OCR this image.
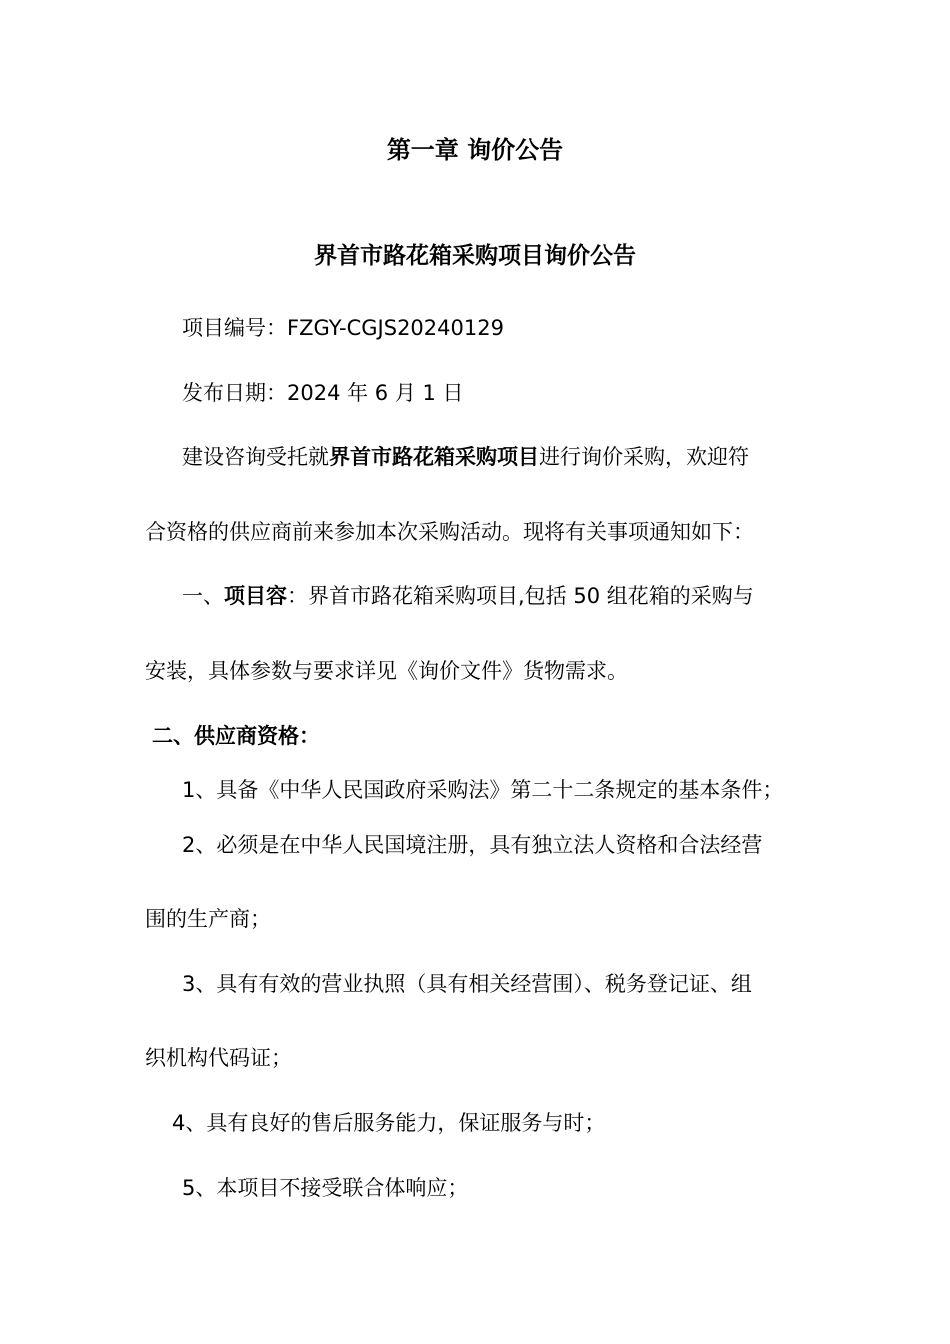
第一章 询价公告
界首市路花箱采购项目询价公告
项目编号：FZGY-CGJS20240129
发布日期：2024 年 6 月 1 日
建设咨询受托就界首市路花箱采购项目进行询价采购，欢迎符
合资格的供应商前来参加本次采购活动。现将有关事项通知如下：
一、项目容：界首市路花箱采购项目,包括 50 组花箱的采购与
安装，具体参数与要求详见《询价文件》货物需求。
二、供应商资格：
1、具备《中华人民国政府采购法》第二十二条规定的基本条件；
2、必须是在中华人民国境注册，具有独立法人资格和合法经营
围的生产商；
3、具有有效的营业执照（具有相关经营围）、税务登记证、组
织机构代码证；
4、具有良好的售后服务能力，保证服务与时；
5、本项目不接受联合体响应；
